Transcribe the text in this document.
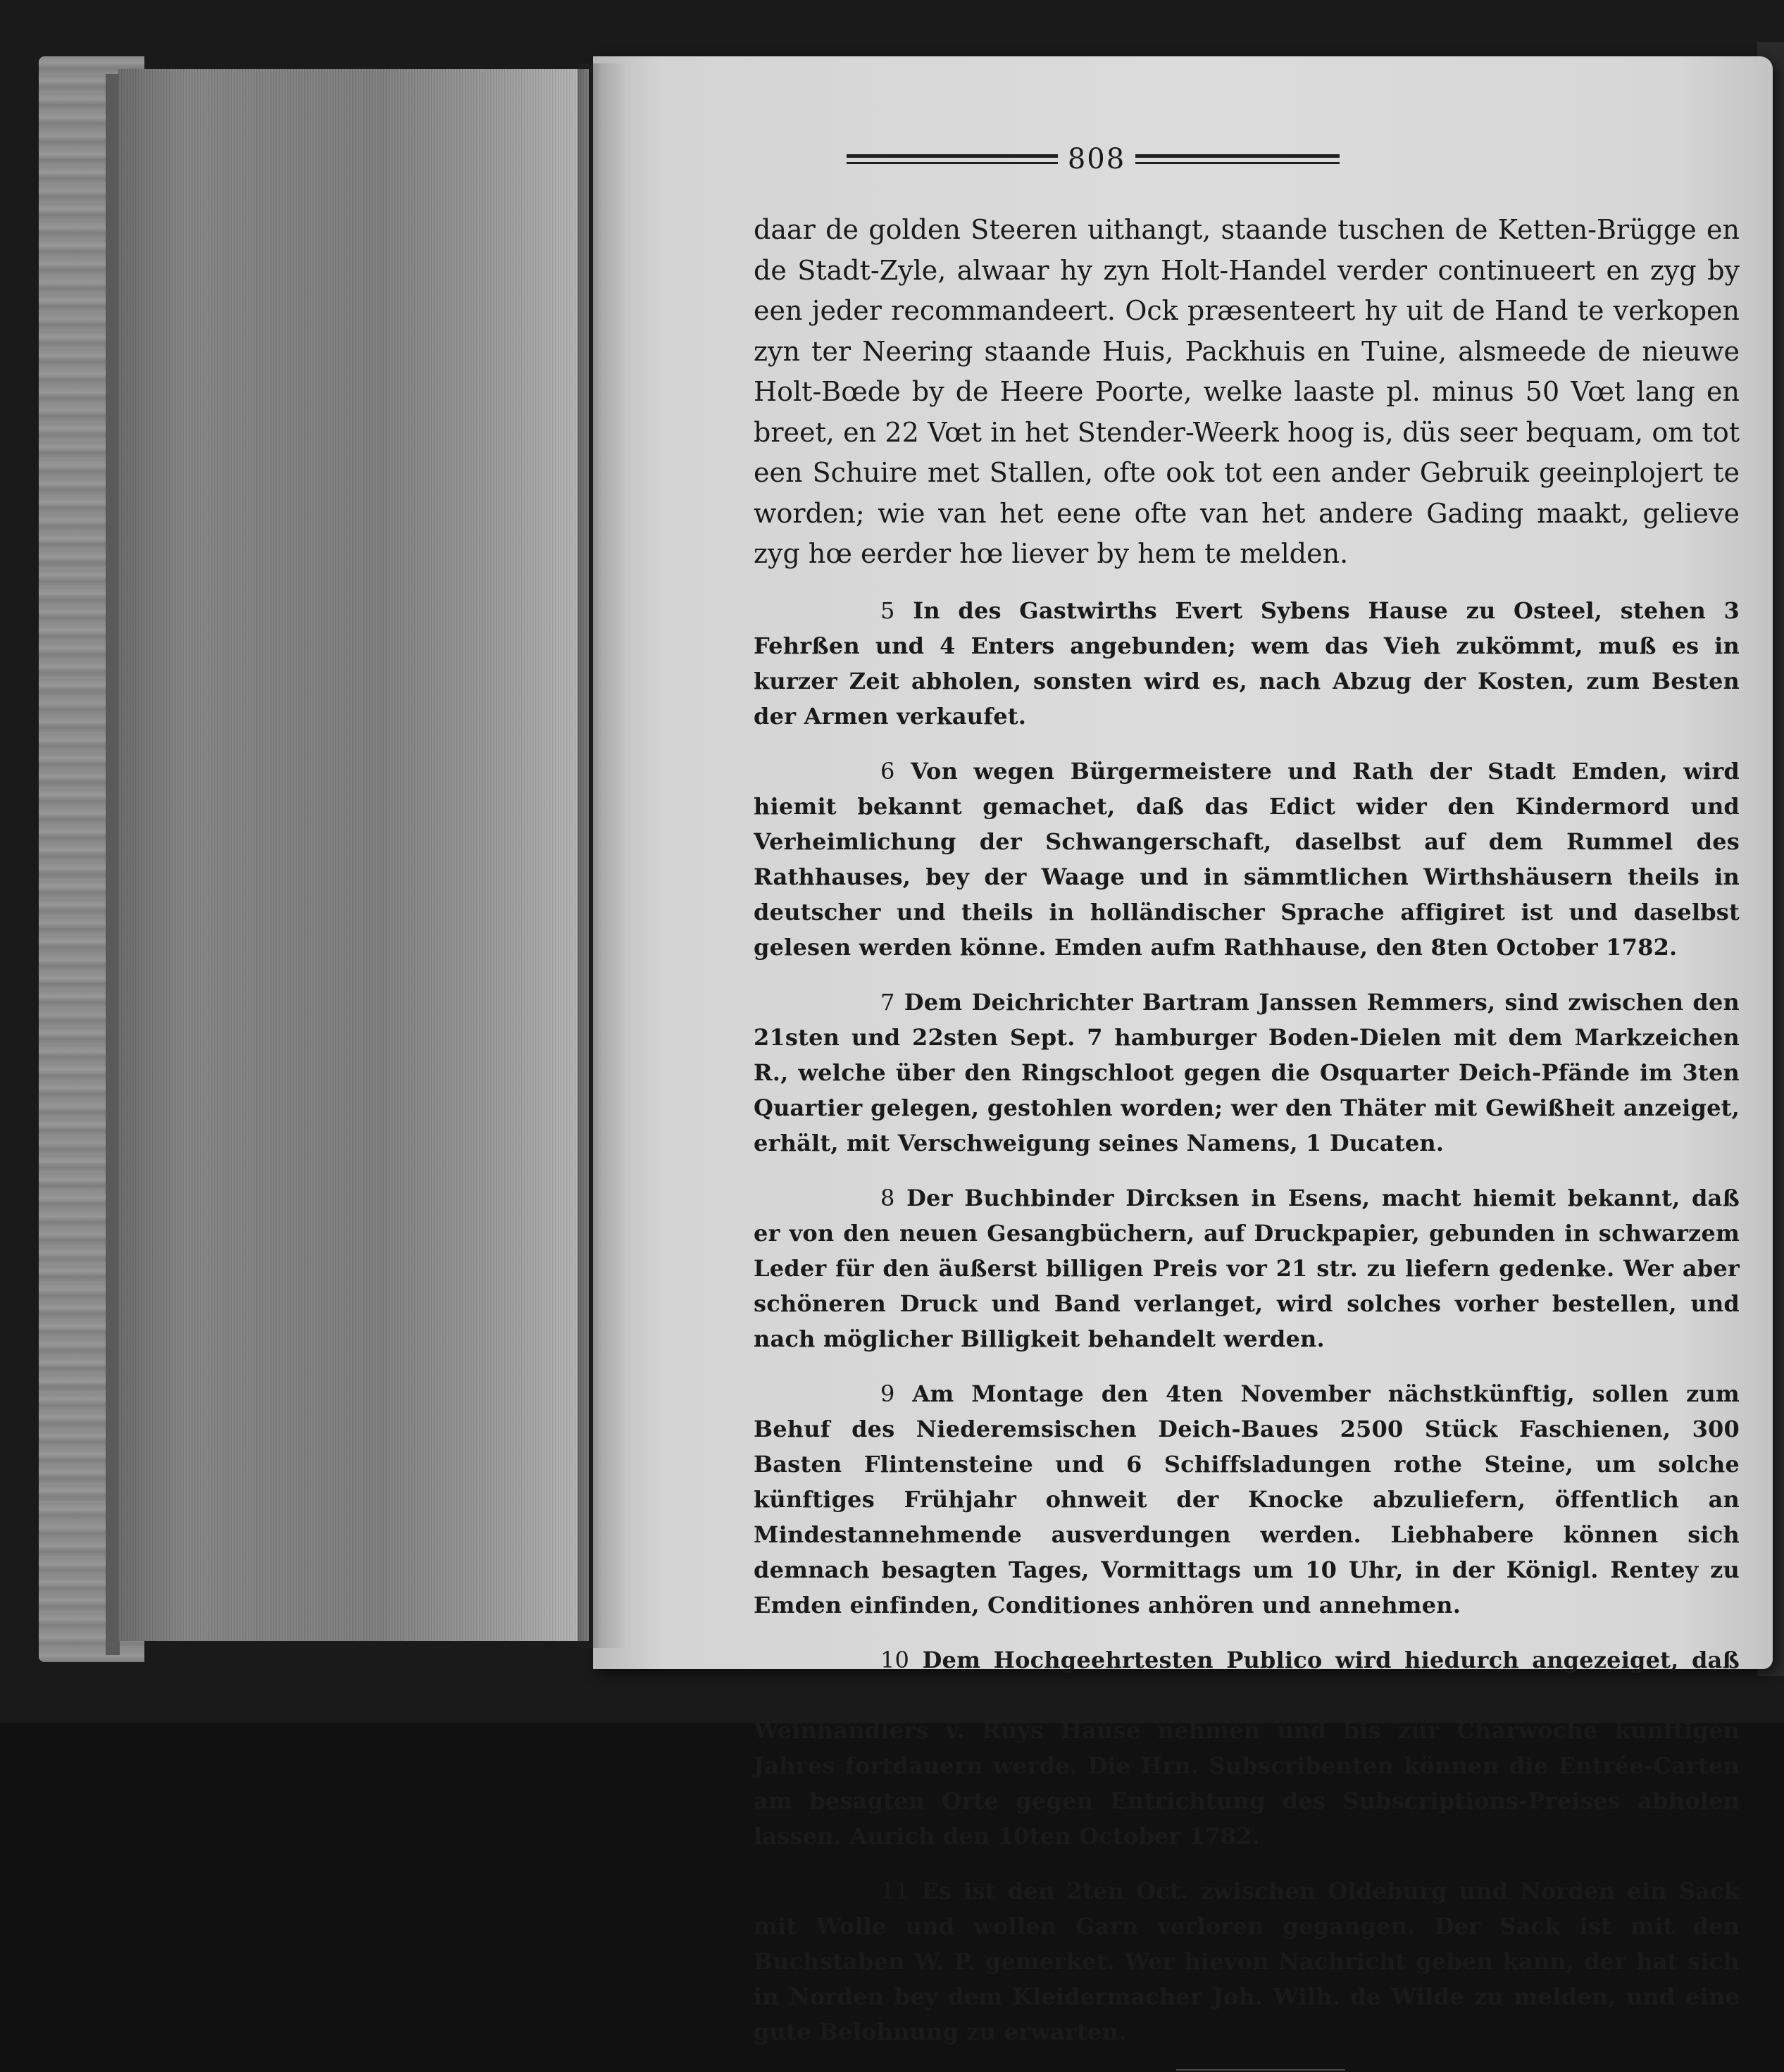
808

daar de golden Steeren uithangt, staande tuschen de Ketten-Brügge en de Stadt-Zyle, alwaar hy zyn Holt-Handel verder continueert en zyg by een jeder recommandeert. Ock præsenteert hy uit de Hand te verkopen zyn ter Neering staande Huis, Packhuis en Tuine, alsmeede de nieuwe Holt-Bœde by de Heere Poorte, welke laaste pl. minus 50 Vœt lang en breet, en 22 Vœt in het Stender-Weerk hoog is, düs seer bequam, om tot een Schuire met Stallen, ofte ook tot een ander Gebruik geeinplojert te worden; wie van het eene ofte van het andere Gading maakt, gelieve zyg hœ eerder hœ liever by hem te melden.

5 In des Gastwirths Evert Sybens Hause zu Osteel, stehen 3 Fehrßen und 4 Enters angebunden; wem das Vieh zukömmt, muß es in kurzer Zeit abholen, sonsten wird es, nach Abzug der Kosten, zum Besten der Armen verkaufet.

6 Von wegen Bürgermeistere und Rath der Stadt Emden, wird hiemit bekannt gemachet, daß das Edict wider den Kindermord und Verheimlichung der Schwangerschaft, daselbst auf dem Rummel des Rathhauses, bey der Waage und in sämmtlichen Wirthshäusern theils in deutscher und theils in holländischer Sprache affigiret ist und daselbst gelesen werden könne. Emden aufm Rathhause, den 8ten October 1782.

7 Dem Deichrichter Bartram Janssen Remmers, sind zwischen den 21sten und 22sten Sept. 7 hamburger Boden-Dielen mit dem Markzeichen R., welche über den Ringschloot gegen die Osquarter Deich-Pfände im 3ten Quartier gelegen, gestohlen worden; wer den Thäter mit Gewißheit anzeiget, erhält, mit Verschweigung seines Namens, 1 Ducaten.

8 Der Buchbinder Dircksen in Esens, macht hiemit bekannt, daß er von den neuen Gesangbüchern, auf Druckpapier, gebunden in schwarzem Leder für den äußerst billigen Preis vor 21 str. zu liefern gedenke. Wer aber schöneren Druck und Band verlanget, wird solches vorher bestellen, und nach möglicher Billigkeit behandelt werden.

9 Am Montage den 4ten November nächstkünftig, sollen zum Behuf des Niederemsischen Deich-Baues 2500 Stück Faschienen, 300 Basten Flintensteine und 6 Schiffsladungen rothe Steine, um solche künftiges Frühjahr ohnweit der Knocke abzuliefern, öffentlich an Mindestannehmende ausverdungen werden. Liebhabere können sich demnach besagten Tages, Vormittags um 10 Uhr, in der Königl. Rentey zu Emden einfinden, Conditiones anhören und annehmen.

10 Dem Hochgeehrtesten Publico wird hiedurch angezeiget, daß das diesjährige Winter-Concert am 14 dieses seinen Anfang in des Weinhändlers v. Ruys Hause nehmen und bis zur Charwoche künftigen Jahres fortdauern werde. Die Hrn. Subscribenten können die Entrée-Carten am besagten Orte gegen Entrichtung des Subscriptions-Preises abholen lassen. Aurich den 10ten October 1782.

11 Es ist den 2ten Oct. zwischen Oldeburg und Norden ein Sack mit Wolle und wollen Garn verloren gegangen. Der Sack ist mit den Buchstaben W. P. gemerket. Wer hievon Nachricht geben kann, der hat sich in Norden bey dem Kleidermacher Joh. Wilh. de Wilde zu melden, und eine gute Belohnung zu erwarten.
